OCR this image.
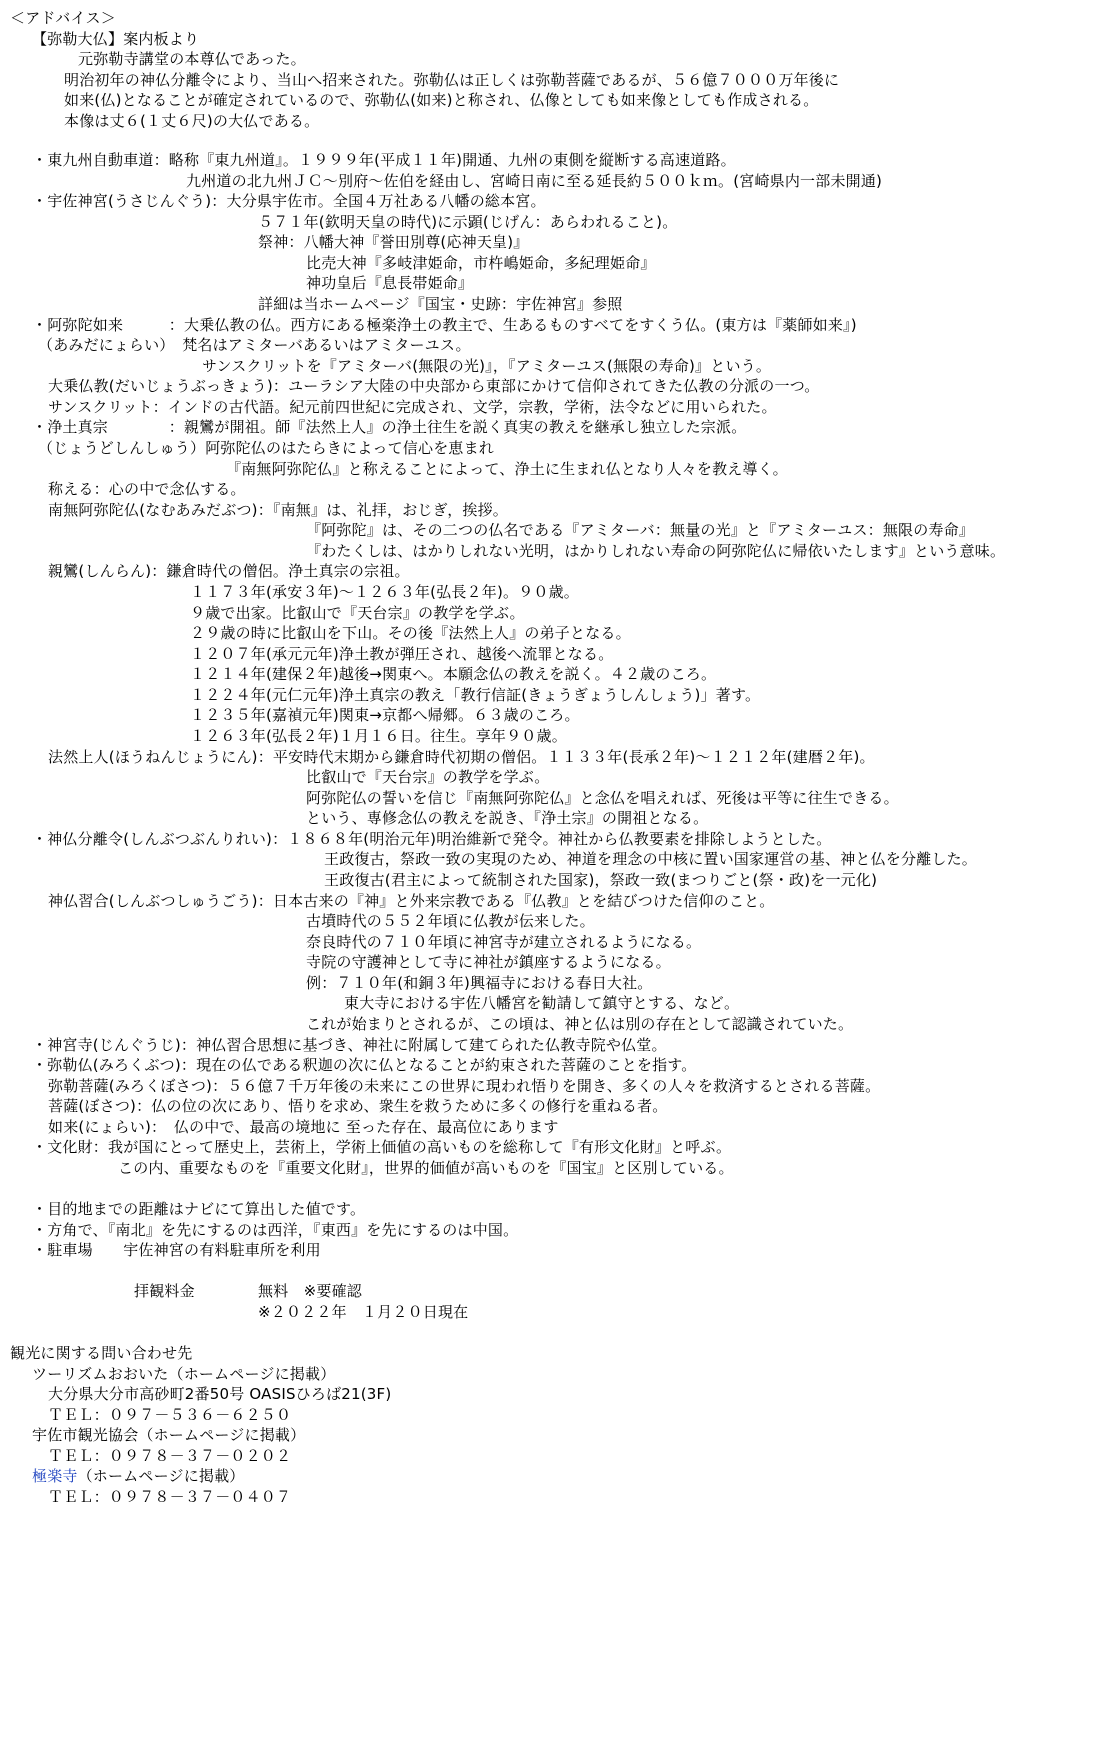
＜アドバイス＞
【弥勒大仏】案内板より
元弥勒寺講堂の本尊仏であった。
明治初年の神仏分離令により、当山へ招来された。弥勒仏は正しくは弥勒菩薩であるが、５６億７０００万年後に
如来(仏)となることが確定されているので、弥勒仏(如来)と称され、仏像としても如来像としても作成される。
本像は丈６(１丈６尺)の大仏である。
・東九州自動車道：略称『東九州道』。１９９９年(平成１１年)開通、九州の東側を縦断する高速道路。
九州道の北九州ＪＣ～別府～佐伯を経由し、宮崎日南に至る延長約５００ｋｍ。(宮崎県内一部未開通)
・宇佐神宮(うさじんぐう)：大分県宇佐市。全国４万社ある八幡の総本宮。
５７１年(欽明天皇の時代)に示顕(じげん：あらわれること)。
祭神：八幡大神『誉田別尊(応神天皇)』
比売大神『多岐津姫命，市杵嶋姫命，多紀理姫命』
神功皇后『息長帯姫命』
詳細は当ホームページ『国宝・史跡：宇佐神宮』参照
・阿弥陀如来　　　：大乗仏教の仏。西方にある極楽浄土の教主で、生あるものすべてをすくう仏。(東方は『薬師如来』)
（あみだにょらい）　梵名はアミターバあるいはアミターユス。
サンスクリットを『アミターバ(無限の光)』，『アミターユス(無限の寿命)』という。
大乗仏教(だいじょうぶっきょう)：ユーラシア大陸の中央部から東部にかけて信仰されてきた仏教の分派の一つ。
サンスクリット：インドの古代語。紀元前四世紀に完成され、文学，宗教，学術，法令などに用いられた。
・浄土真宗　　　　：親鸞が開祖。師『法然上人』の浄土往生を説く真実の教えを継承し独立した宗派。
（じょうどしんしゅう）阿弥陀仏のはたらきによって信心を恵まれ
『南無阿弥陀仏』と称えることによって、浄土に生まれ仏となり人々を教え導く。
称える：心の中で念仏する。
南無阿弥陀仏(なむあみだぶつ)：『南無』は、礼拝，おじぎ，挨拶。
『阿弥陀』は、その二つの仏名である『アミターバ：無量の光』と『アミターユス：無限の寿命』
『わたくしは、はかりしれない光明，はかりしれない寿命の阿弥陀仏に帰依いたします』という意味。
親鸞(しんらん)：鎌倉時代の僧侶。浄土真宗の宗祖。
１１７３年(承安３年)～１２６３年(弘長２年)。９０歳。
９歳で出家。比叡山で『天台宗』の教学を学ぶ。
２９歳の時に比叡山を下山。その後『法然上人』の弟子となる。
１２０７年(承元元年)浄土教が弾圧され、越後へ流罪となる。
１２１４年(建保２年)越後→関東へ。本願念仏の教えを説く。４２歳のころ。
１２２４年(元仁元年)浄土真宗の教え「教行信証(きょうぎょうしんしょう)」著す。
１２３５年(嘉禎元年)関東→京都へ帰郷。６３歳のころ。
１２６３年(弘長２年)１月１６日。往生。享年９０歳。
法然上人(ほうねんじょうにん)：平安時代末期から鎌倉時代初期の僧侶。１１３３年(長承２年)～１２１２年(建暦２年)。
比叡山で『天台宗』の教学を学ぶ。
阿弥陀仏の誓いを信じ『南無阿弥陀仏』と念仏を唱えれば、死後は平等に往生できる。
という、専修念仏の教えを説き、『浄土宗』の開祖となる。
・神仏分離令(しんぶつぶんりれい)：１８６８年(明治元年)明治維新で発令。神社から仏教要素を排除しようとした。
王政復古，祭政一致の実現のため、神道を理念の中核に置い国家運営の基、神と仏を分離した。
王政復古(君主によって統制された国家)，祭政一致(まつりごと(祭・政)を一元化)
神仏習合(しんぶつしゅうごう)：日本古来の『神』と外来宗教である『仏教』とを結びつけた信仰のこと。
古墳時代の５５２年頃に仏教が伝来した。
奈良時代の７１０年頃に神宮寺が建立されるようになる。
寺院の守護神として寺に神社が鎮座するようになる。
例：７１０年(和銅３年)興福寺における春日大社。
東大寺における宇佐八幡宮を勧請して鎮守とする、など。
これが始まりとされるが、この頃は、神と仏は別の存在として認識されていた。
・神宮寺(じんぐうじ)：神仏習合思想に基づき、神社に附属して建てられた仏教寺院や仏堂。
・弥勒仏(みろくぶつ)：現在の仏である釈迦の次に仏となることが約束された菩薩のことを指す。
弥勒菩薩(みろくぼさつ)：５６億７千万年後の未来にこの世界に現われ悟りを開き、多くの人々を救済するとされる菩薩。
菩薩(ぼさつ)：仏の位の次にあり、悟りを求め、衆生を救うために多くの修行を重ねる者。
如来(にょらい)：　仏の中で、最高の境地に 至った存在、最高位にあります
・文化財：我が国にとって歴史上，芸術上，学術上価値の高いものを総称して『有形文化財』と呼ぶ。
この内、重要なものを『重要文化財』，世界的価値が高いものを『国宝』と区別している。
・目的地までの距離はナビにて算出した値です。
・方角で、『南北』を先にするのは西洋，『東西』を先にするのは中国。
・駐車場　　宇佐神宮の有料駐車所を利用
拝観料金	無料　※要確認
※２０２２年　１月２０日現在
観光に関する問い合わせ先
ツーリズムおおいた（ホームページに掲載）
大分県大分市高砂町2番50号 OASISひろば21(3F)
ＴＥＬ：０９７－５３６－６２５０
宇佐市観光協会（ホームページに掲載）
ＴＥＬ：０９７８－３７－０２０２
極楽寺（ホームページに掲載）
ＴＥＬ：０９７８－３７－０４０７
